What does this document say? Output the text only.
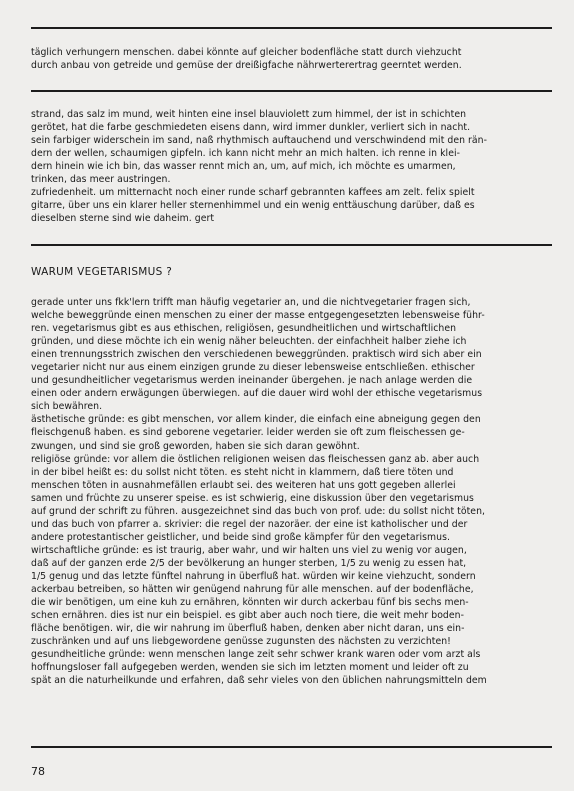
täglich verhungern menschen. dabei könnte auf gleicher bodenfläche statt durch viehzucht

durch anbau von getreide und gemüse der dreißigfache nährwerterertrag geerntet werden.

strand, das salz im mund, weit hinten eine insel blauviolett zum himmel, der ist in schichten

gerötet, hat die farbe geschmiedeten eisens dann, wird immer dunkler, verliert sich in nacht.

sein farbiger widerschein im sand, naß rhythmisch auftauchend und verschwindend mit den rän-

dern der wellen, schaumigen gipfeln. ich kann nicht mehr an mich halten. ich renne in klei-

dern hinein wie ich bin, das wasser rennt mich an, um, auf mich, ich möchte es umarmen,

trinken, das meer austringen.

zufriedenheit. um mitternacht noch einer runde scharf gebrannten kaffees am zelt. felix spielt

gitarre, über uns ein klarer heller sternenhimmel und ein wenig enttäuschung darüber, daß es

dieselben sterne sind wie daheim. gert

WARUM VEGETARISMUS ?

gerade unter uns fkk'lern trifft man häufig vegetarier an, und die nichtvegetarier fragen sich,

welche beweggründe einen menschen zu einer der masse entgegengesetzten lebensweise führ-

ren. vegetarismus gibt es aus ethischen, religiösen, gesundheitlichen und wirtschaftlichen

gründen, und diese möchte ich ein wenig näher beleuchten. der einfachheit halber ziehe ich

einen trennungsstrich zwischen den verschiedenen beweggründen. praktisch wird sich aber ein

vegetarier nicht nur aus einem einzigen grunde zu dieser lebensweise entschließen. ethischer

und gesundheitlicher vegetarismus werden ineinander übergehen. je nach anlage werden die

einen oder andern erwägungen überwiegen. auf die dauer wird wohl der ethische vegetarismus

sich bewähren.

ästhetische gründe: es gibt menschen, vor allem kinder, die einfach eine abneigung gegen den

fleischgenuß haben. es sind geborene vegetarier. leider werden sie oft zum fleischessen ge-

zwungen, und sind sie groß geworden, haben sie sich daran gewöhnt.

religiöse gründe: vor allem die östlichen religionen weisen das fleischessen ganz ab. aber auch

in der bibel heißt es: du sollst nicht töten. es steht nicht in klammern, daß tiere töten und

menschen töten in ausnahmefällen erlaubt sei. des weiteren hat uns gott gegeben allerlei

samen und früchte zu unserer speise. es ist schwierig, eine diskussion über den vegetarismus

auf grund der schrift zu führen. ausgezeichnet sind das buch von prof. ude: du sollst nicht töten,

und das buch von pfarrer a. skrivier: die regel der nazoräer. der eine ist katholischer und der

andere protestantischer geistlicher, und beide sind große kämpfer für den vegetarismus.

wirtschaftliche gründe: es ist traurig, aber wahr, und wir halten uns viel zu wenig vor augen,

daß auf der ganzen erde 2/5 der bevölkerung an hunger sterben, 1/5 zu wenig zu essen hat,

1/5 genug und das letzte fünftel nahrung in überfluß hat. würden wir keine viehzucht, sondern

ackerbau betreiben, so hätten wir genügend nahrung für alle menschen. auf der bodenfläche,

die wir benötigen, um eine kuh zu ernähren, könnten wir durch ackerbau fünf bis sechs men-

schen ernähren. dies ist nur ein beispiel. es gibt aber auch noch tiere, die weit mehr boden-

fläche benötigen. wir, die wir nahrung im überfluß haben, denken aber nicht daran, uns ein-

zuschränken und auf uns liebgewordene genüsse zugunsten des nächsten zu verzichten!

gesundheitliche gründe: wenn menschen lange zeit sehr schwer krank waren oder vom arzt als

hoffnungsloser fall aufgegeben werden, wenden sie sich im letzten moment und leider oft zu

spät an die naturheilkunde und erfahren, daß sehr vieles von den üblichen nahrungsmitteln dem

78
